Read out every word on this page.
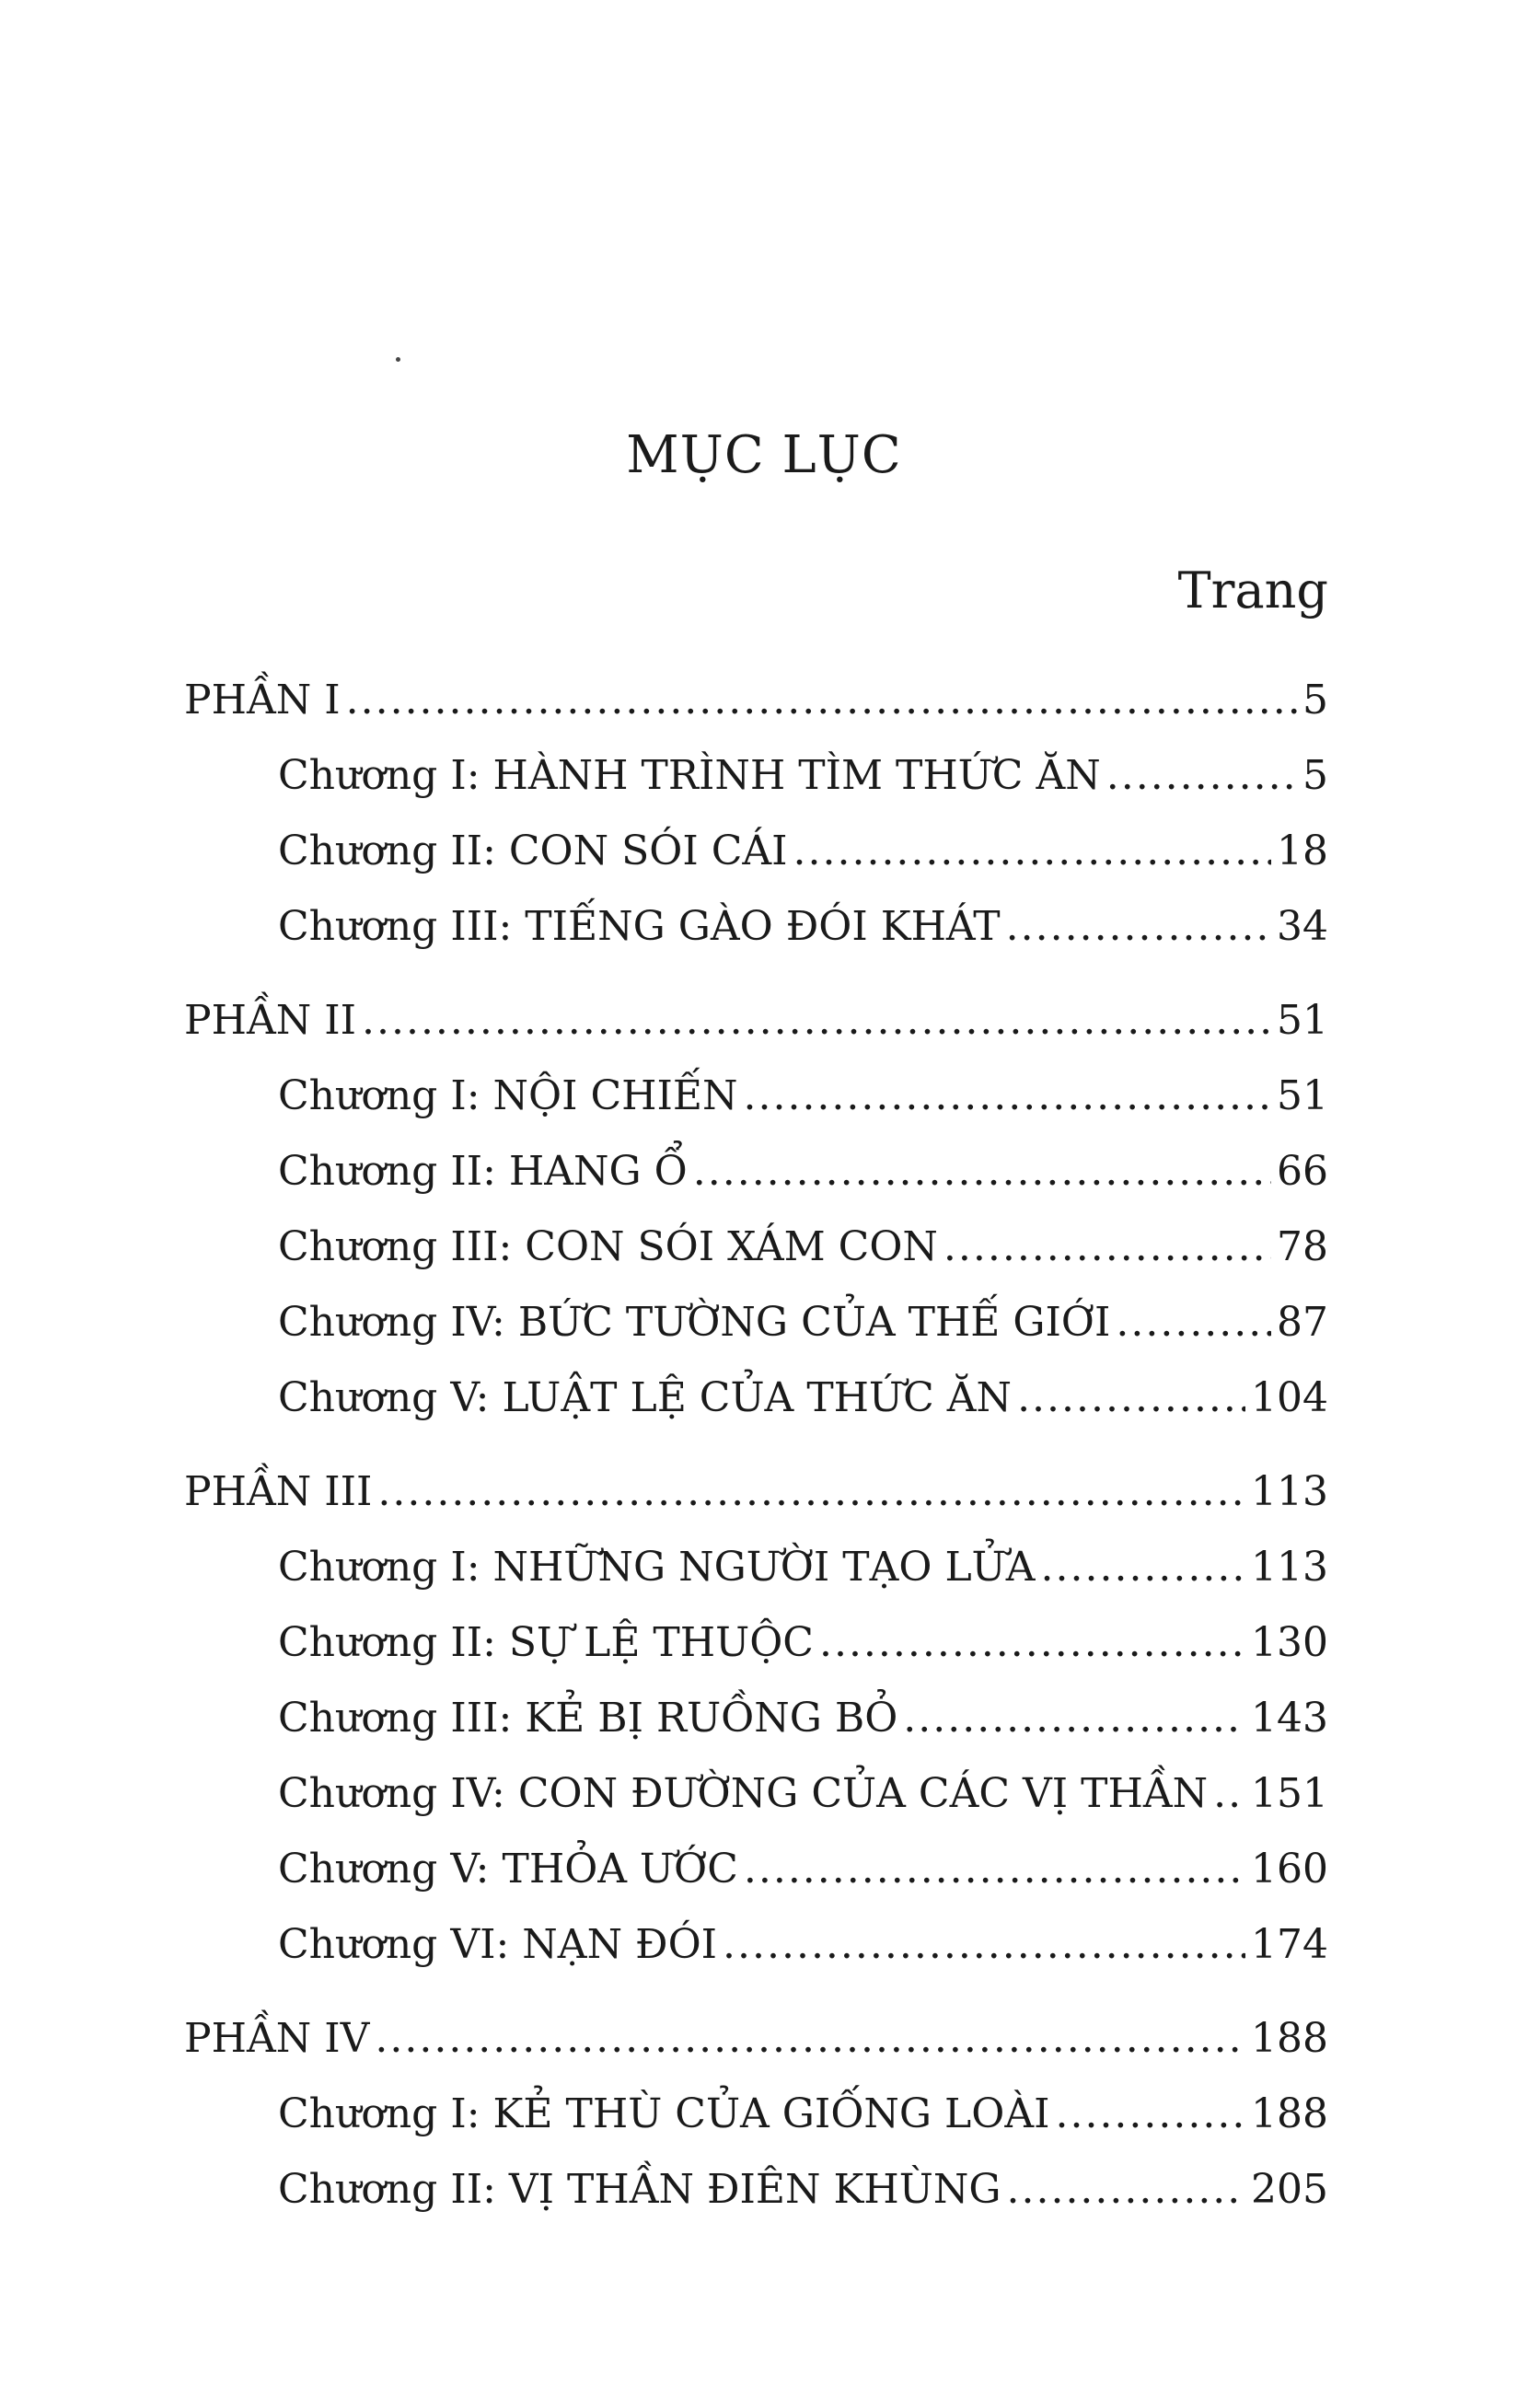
MỤC LỤC
Trang
PHẦN I .....	5
Chương I: HÀNH TRÌNH TÌM THỨC ĂN .....	5
Chương II: CON SÓI CÁI .....	18
Chương III: TIẾNG GÀO ĐÓI KHÁT .....	34
PHẦN II .....	51
Chương I: NỘI CHIẾN .....	51
Chương II: HANG Ổ .....	66
Chương III: CON SÓI XÁM CON .....	78
Chương IV: BỨC TƯỜNG CỦA THẾ GIỚI .....	87
Chương V: LUẬT LỆ CỦA THỨC ĂN .....	104
PHẦN III .....	113
Chương I: NHỮNG NGƯỜI TẠO LỬA .....	113
Chương II: SỰ LỆ THUỘC .....	130
Chương III: KẺ BỊ RUỒNG BỎ .....	143
Chương IV: CON ĐƯỜNG CỦA CÁC VỊ THẦN ..... 151
Chương V: THỎA ƯỚC .....	160
Chương VI: NẠN ĐÓI .....	174
PHẦN IV .....	188
Chương I: KẺ THÙ CỦA GIỐNG LOÀI .....	188
Chương II: VỊ THẦN ĐIÊN KHÙNG .....	205
